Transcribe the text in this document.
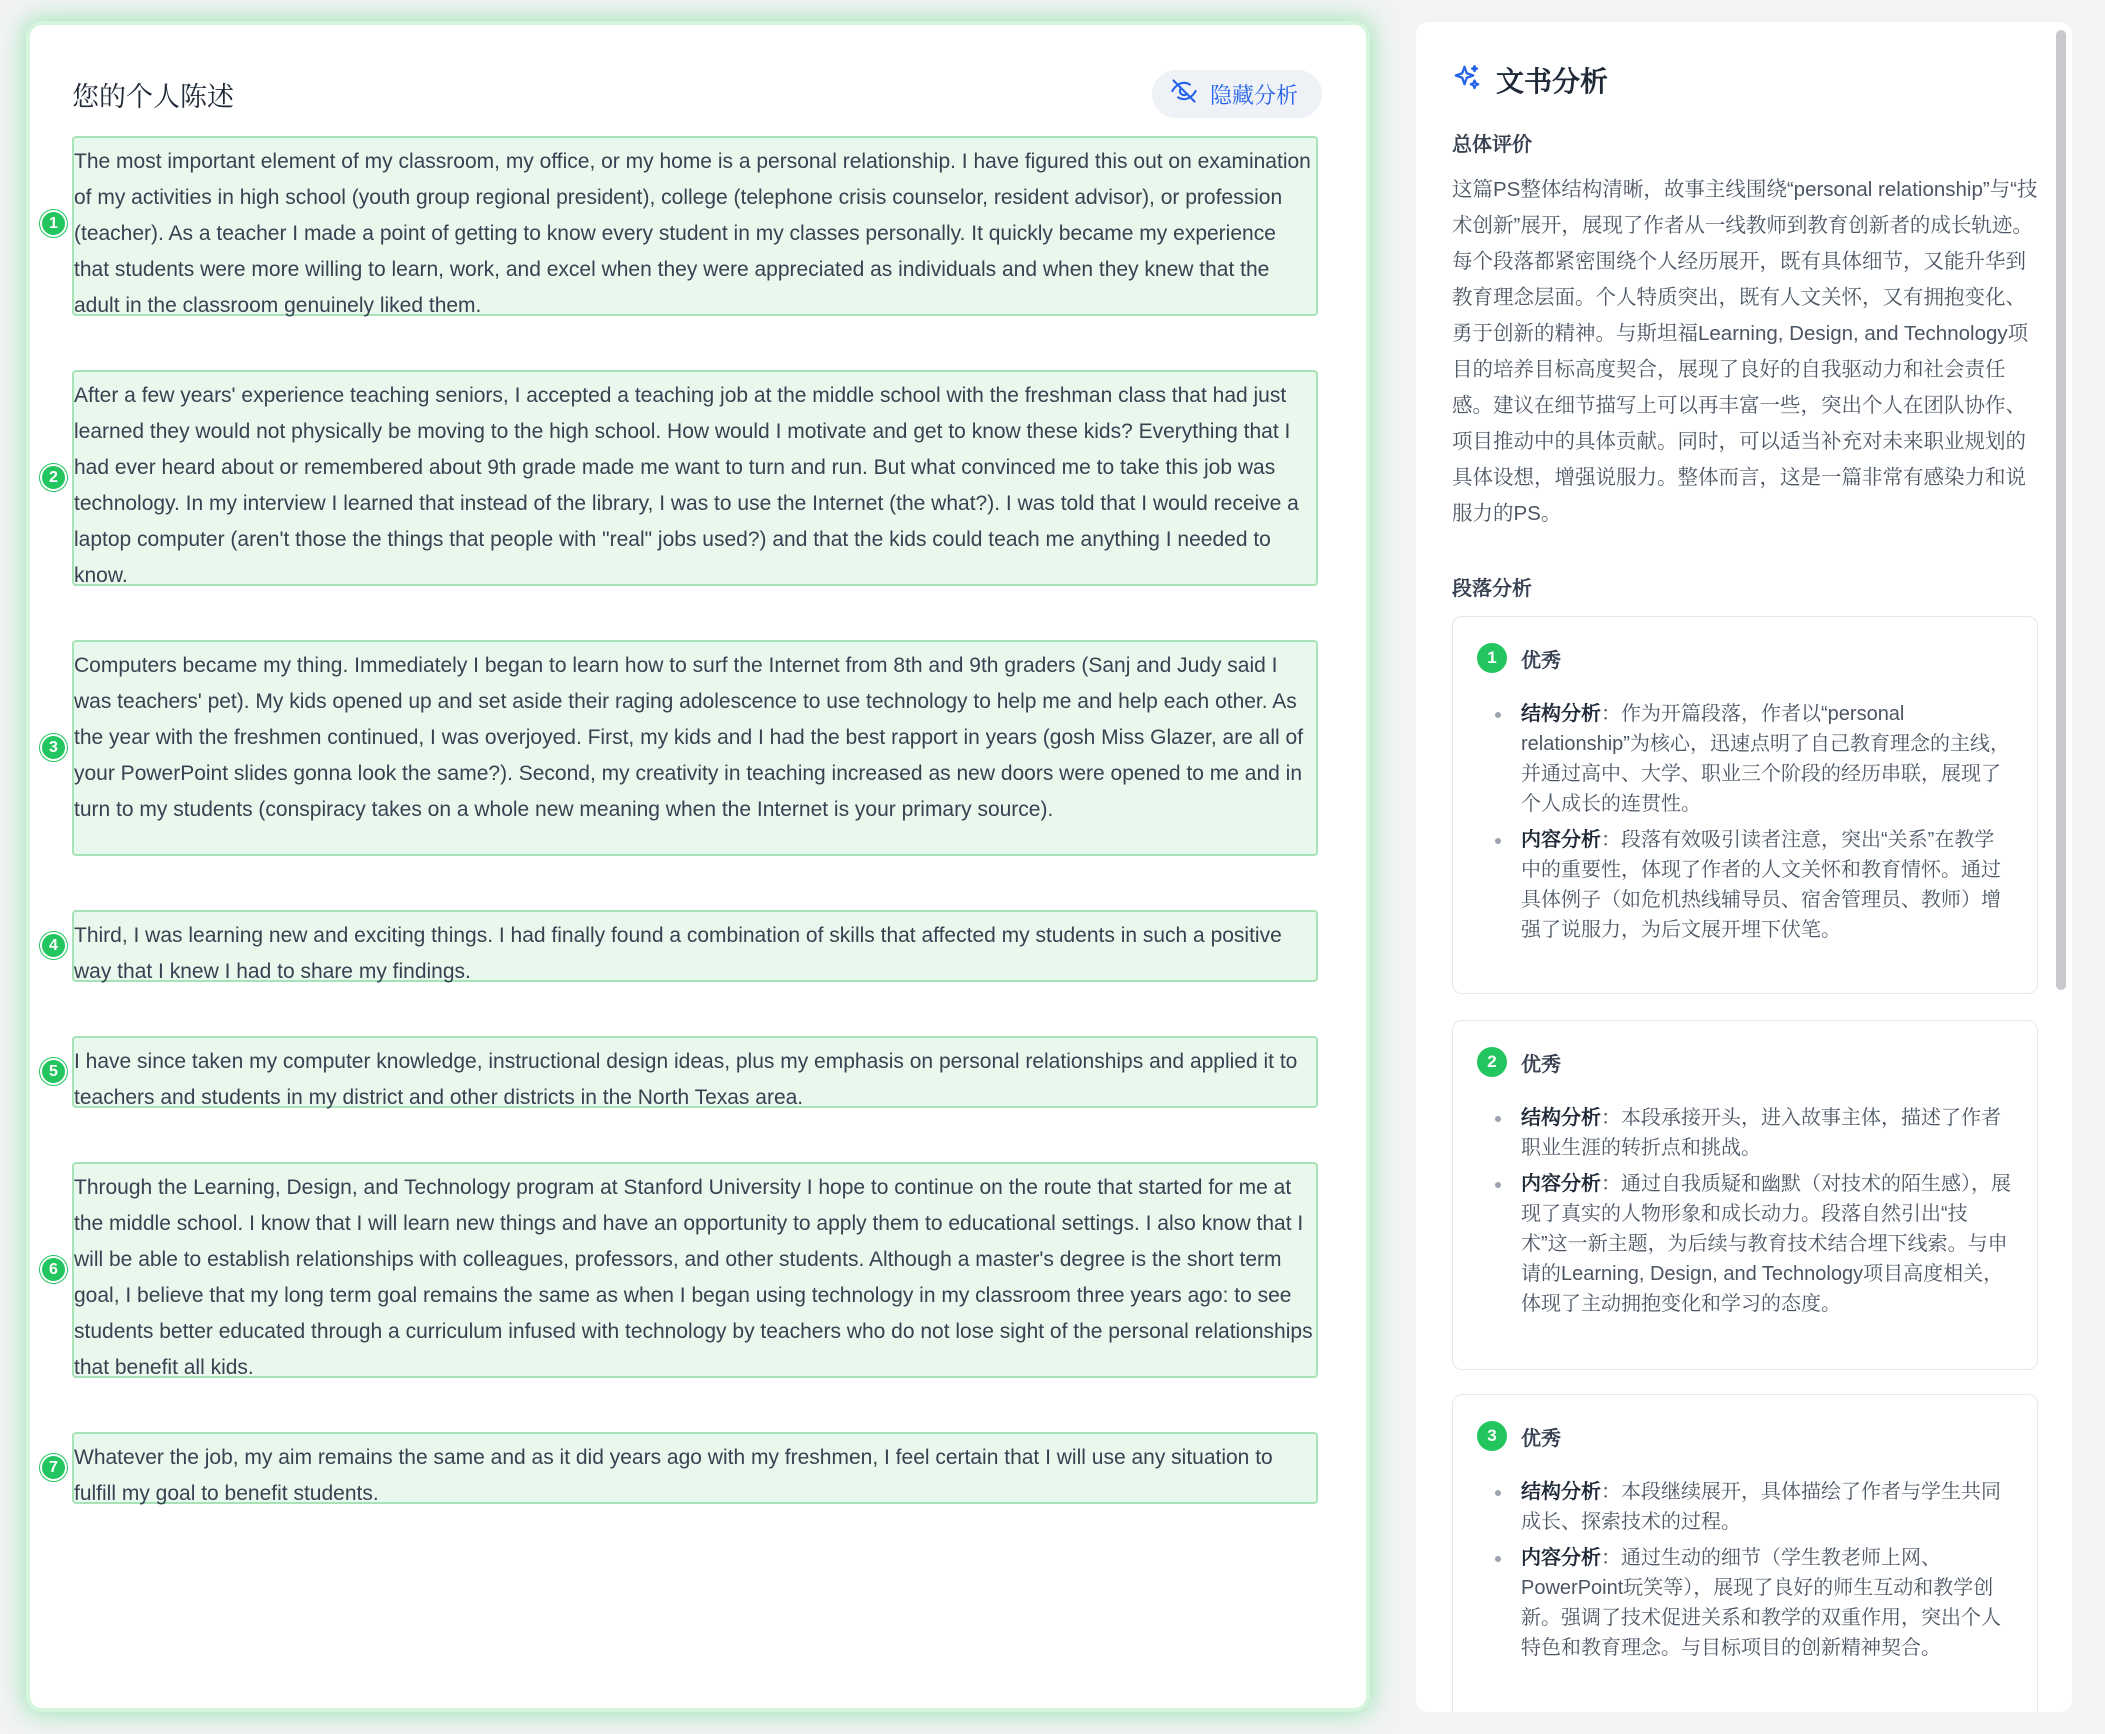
您的个人陈述	隐藏分析
1
The most important element of my classroom, my office, or my home is a personal relationship. I have figured this out on examination of my activities in high school (youth group regional president), college (telephone crisis counselor, resident advisor), or profession (teacher). As a teacher I made a point of getting to know every student in my classes personally. It quickly became my experience that students were more willing to learn, work, and excel when they were appreciated as individuals and when they knew that the adult in the classroom genuinely liked them.
2
After a few years' experience teaching seniors, I accepted a teaching job at the middle school with the freshman class that had just learned they would not physically be moving to the high school. How would I motivate and get to know these kids? Everything that I had ever heard about or remembered about 9th grade made me want to turn and run. But what convinced me to take this job was technology. In my interview I learned that instead of the library, I was to use the Internet (the what?). I was told that I would receive a laptop computer (aren't those the things that people with "real" jobs used?) and that the kids could teach me anything I needed to know.
3
Computers became my thing. Immediately I began to learn how to surf the Internet from 8th and 9th graders (Sanj and Judy said I was teachers' pet). My kids opened up and set aside their raging adolescence to use technology to help me and help each other. As the year with the freshmen continued, I was overjoyed. First, my kids and I had the best rapport in years (gosh Miss Glazer, are all of your PowerPoint slides gonna look the same?). Second, my creativity in teaching increased as new doors were opened to me and in turn to my students (conspiracy takes on a whole new meaning when the Internet is your primary source).
4 Third, I was learning new and exciting things. I had finally found a combination of skills that affected my students in such a positive way that I knew I had to share my findings.
5 I have since taken my computer knowledge, instructional design ideas, plus my emphasis on personal relationships and applied it to teachers and students in my district and other districts in the North Texas area.
6
Through the Learning, Design, and Technology program at Stanford University I hope to continue on the route that started for me at the middle school. I know that I will learn new things and have an opportunity to apply them to educational settings. I also know that I will be able to establish relationships with colleagues, professors, and other students. Although a master's degree is the short term goal, I believe that my long term goal remains the same as when I began using technology in my classroom three years ago: to see students better educated through a curriculum infused with technology by teachers who do not lose sight of the personal relationships that benefit all kids.
7 Whatever the job, my aim remains the same and as it did years ago with my freshmen, I feel certain that I will use any situation to fulfill my goal to benefit students.
文书分析
总体评价
这篇PS整体结构清晰，故事主线围绕“personal relationship”与“技术创新”展开，展现了作者从一线教师到教育创新者的成长轨迹。每个段落都紧密围绕个人经历展开，既有具体细节，又能升华到教育理念层面。个人特质突出，既有人文关怀，又有拥抱变化、勇于创新的精神。与斯坦福Learning, Design, and Technology项目的培养目标高度契合，展现了良好的自我驱动力和社会责任感。建议在细节描写上可以再丰富一些，突出个人在团队协作、项目推动中的具体贡献。同时，可以适当补充对未来职业规划的具体设想，增强说服力。整体而言，这是一篇非常有感染力和说服力的PS。
段落分析
1	优秀
结构分析：作为开篇段落，作者以“personal relationship”为核心，迅速点明了自己教育理念的主线，并通过高中、大学、职业三个阶段的经历串联，展现了个人成长的连贯性。
内容分析：段落有效吸引读者注意，突出“关系”在教学中的重要性，体现了作者的人文关怀和教育情怀。通过具体例子（如危机热线辅导员、宿舍管理员、教师）增强了说服力，为后文展开埋下伏笔。
2	优秀
结构分析：本段承接开头，进入故事主体，描述了作者职业生涯的转折点和挑战。
内容分析：通过自我质疑和幽默（对技术的陌生感），展现了真实的人物形象和成长动力。段落自然引出“技术”这一新主题，为后续与教育技术结合埋下线索。与申请的Learning, Design, and Technology项目高度相关，体现了主动拥抱变化和学习的态度。
3	优秀
结构分析：本段继续展开，具体描绘了作者与学生共同成长、探索技术的过程。
内容分析：通过生动的细节（学生教老师上网、PowerPoint玩笑等），展现了良好的师生互动和教学创新。强调了技术促进关系和教学的双重作用，突出个人特色和教育理念。与目标项目的创新精神契合。
